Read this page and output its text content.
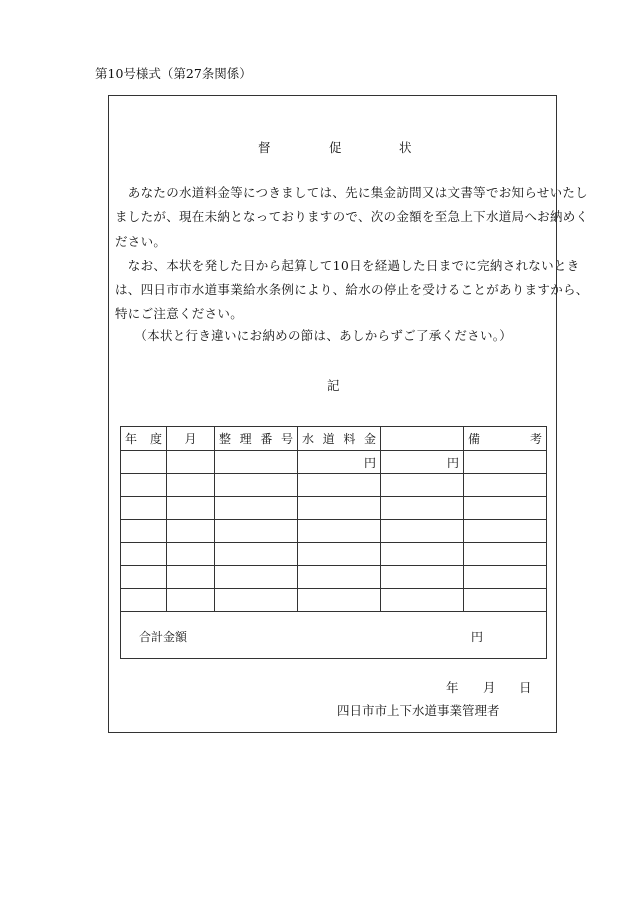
第10号様式（第27条関係）
督	促	状
　あなたの水道料金等につきましては、先に集金訪問又は文書等でお知らせいたし
ましたが、現在未納となっておりますので、次の金額を至急上下水道局へお納めく
ださい。
　なお、本状を発した日から起算して10日を経過した日までに完納されないとき
は、四日市市水道事業給水条例により、給水の停止を受けることがありますから、
特にご注意ください。
　　（本状と行き違いにお納めの節は、あしからずご了承ください。）
記
年　度	月	整理番号	水道料金		備　考
			円	円	

合計金額 円					
年 月 日
四日市市上下水道事業管理者
